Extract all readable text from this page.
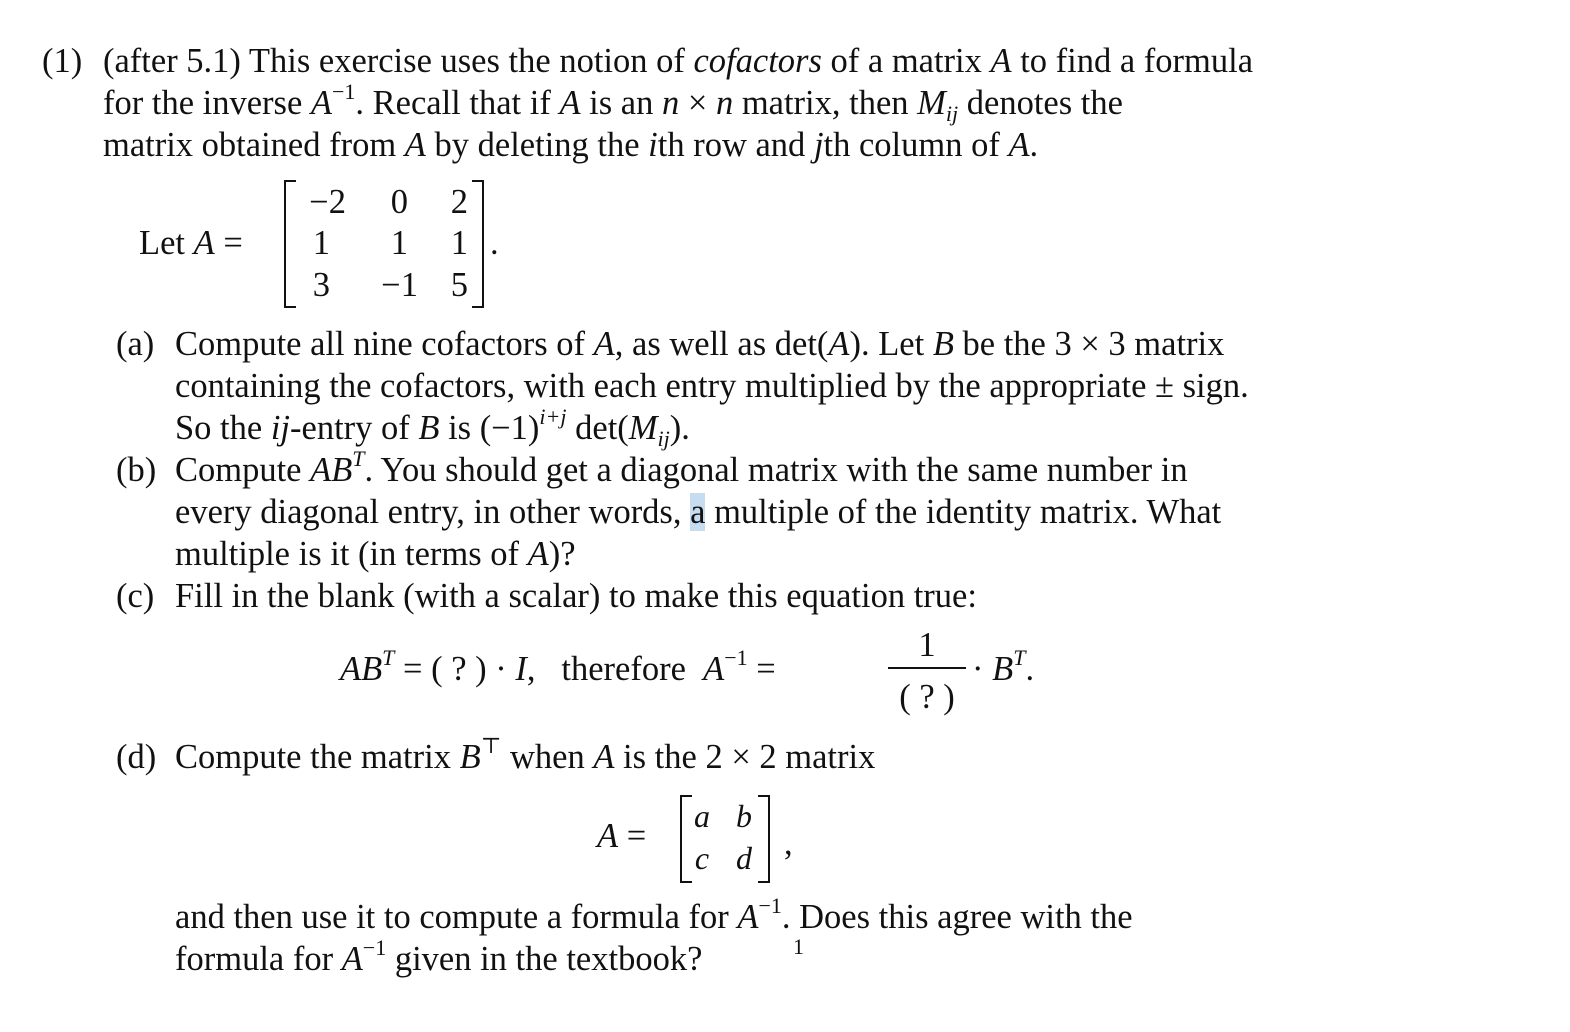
(1) (after 5.1) This exercise uses the notion of cofactors of a matrix A to find a formula
for the inverse $A^{-1}$. Recall that if A is an n × n matrix, then $M_{ij}$ denotes the
matrix obtained from A by deleting the ith row and jth column of A.
Let A =
−2	0	2
1	1	1
3	−1 5
.
(a) Compute all nine cofactors of A, as well as det(A). Let B be the 3 × 3 matrix
containing the cofactors, with each entry multiplied by the appropriate ± sign.
So the ij-entry of B is $(-1)^{i+j}$ $\det(M_{ij})$.
(b) Compute $AB^T$. You should get a diagonal matrix with the same number in
every diagonal entry, in other words, a multiple of the identity matrix. What
multiple is it (in terms of A)?
(c) Fill in the blank (with a scalar) to make this equation true:
$AB^T$ = ( ? ) · I,   therefore  $A^{-1}$ =
1
( ? )
· $B^T$.
(d) Compute the matrix B⊤ when A is the 2 × 2 matrix
A =
a b
c d ,
and then use it to compute a formula for $A^{-1}$. Does this agree with the
formula for $A^{-1}$ given in the textbook?	1
